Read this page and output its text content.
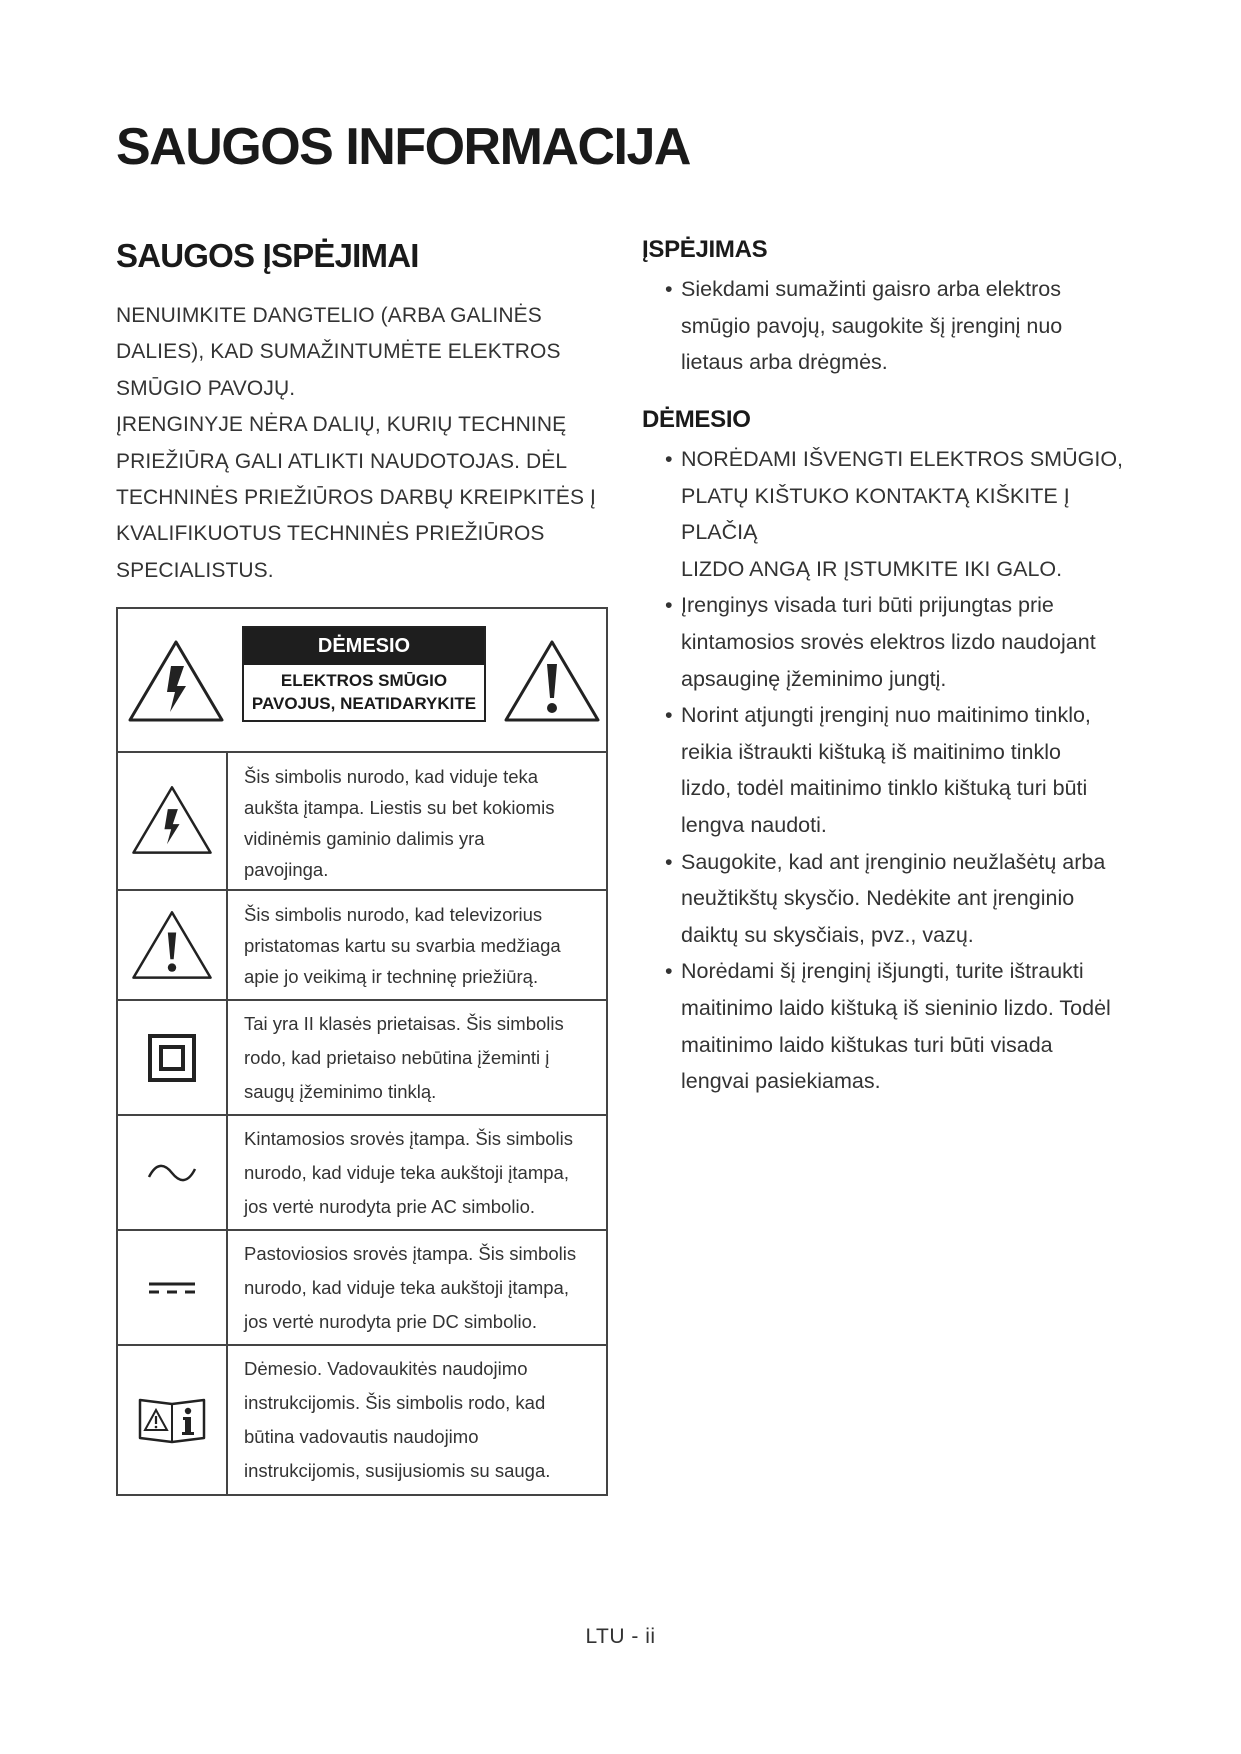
SAUGOS INFORMACIJA
SAUGOS ĮSPĖJIMAI

NENUIMKITE DANGTELIO (ARBA GALINĖS

DALIES), KAD SUMAŽINTUMĖTE ELEKTROS

SMŪGIO PAVOJŲ.

ĮRENGINYJE NĖRA DALIŲ, KURIŲ TECHNINĘ

PRIEŽIŪRĄ GALI ATLIKTI NAUDOTOJAS. DĖL

TECHNINĖS PRIEŽIŪROS DARBŲ KREIPKITĖS Į

KVALIFIKUOTUS TECHNINĖS PRIEŽIŪROS

SPECIALISTUS.

DĖMESIO
ELEKTROS SMŪGIO
PAVOJUS, NEATIDARYKITE
Šis simbolis nurodo, kad viduje teka
aukšta įtampa. Liestis su bet kokiomis
vidinėmis gaminio dalimis yra
pavojinga.
Šis simbolis nurodo, kad televizorius
pristatomas kartu su svarbia medžiaga
apie jo veikimą ir techninę priežiūrą.
Tai yra II klasės prietaisas. Šis simbolis
rodo, kad prietaiso nebūtina įžeminti į
saugų įžeminimo tinklą.
Kintamosios srovės įtampa. Šis simbolis
nurodo, kad viduje teka aukštoji įtampa,
jos vertė nurodyta prie AC simbolio.
Pastoviosios srovės įtampa. Šis simbolis
nurodo, kad viduje teka aukštoji įtampa,
jos vertė nurodyta prie DC simbolio.
Dėmesio. Vadovaukitės naudojimo
instrukcijomis. Šis simbolis rodo, kad
būtina vadovautis naudojimo
instrukcijomis, susijusiomis su sauga.
ĮSPĖJIMAS
• Siekdami sumažinti gaisro arba elektros
smūgio pavojų, saugokite šį įrenginį nuo
lietaus arba drėgmės.
DĖMESIO
• NORĖDAMI IŠVENGTI ELEKTROS SMŪGIO,
PLATŲ KIŠTUKO KONTAKTĄ KIŠKITE Į PLAČIĄ
LIZDO ANGĄ IR ĮSTUMKITE IKI GALO.
• Įrenginys visada turi būti prijungtas prie
kintamosios srovės elektros lizdo naudojant
apsauginę įžeminimo jungtį.
• Norint atjungti įrenginį nuo maitinimo tinklo,
reikia ištraukti kištuką iš maitinimo tinklo
lizdo, todėl maitinimo tinklo kištuką turi būti
lengva naudoti.
• Saugokite, kad ant įrenginio neužlašėtų arba
neužtikštų skysčio. Nedėkite ant įrenginio
daiktų su skysčiais, pvz., vazų.
• Norėdami šį įrenginį išjungti, turite ištraukti
maitinimo laido kištuką iš sieninio lizdo. Todėl
maitinimo laido kištukas turi būti visada
lengvai pasiekiamas.
LTU - ii
